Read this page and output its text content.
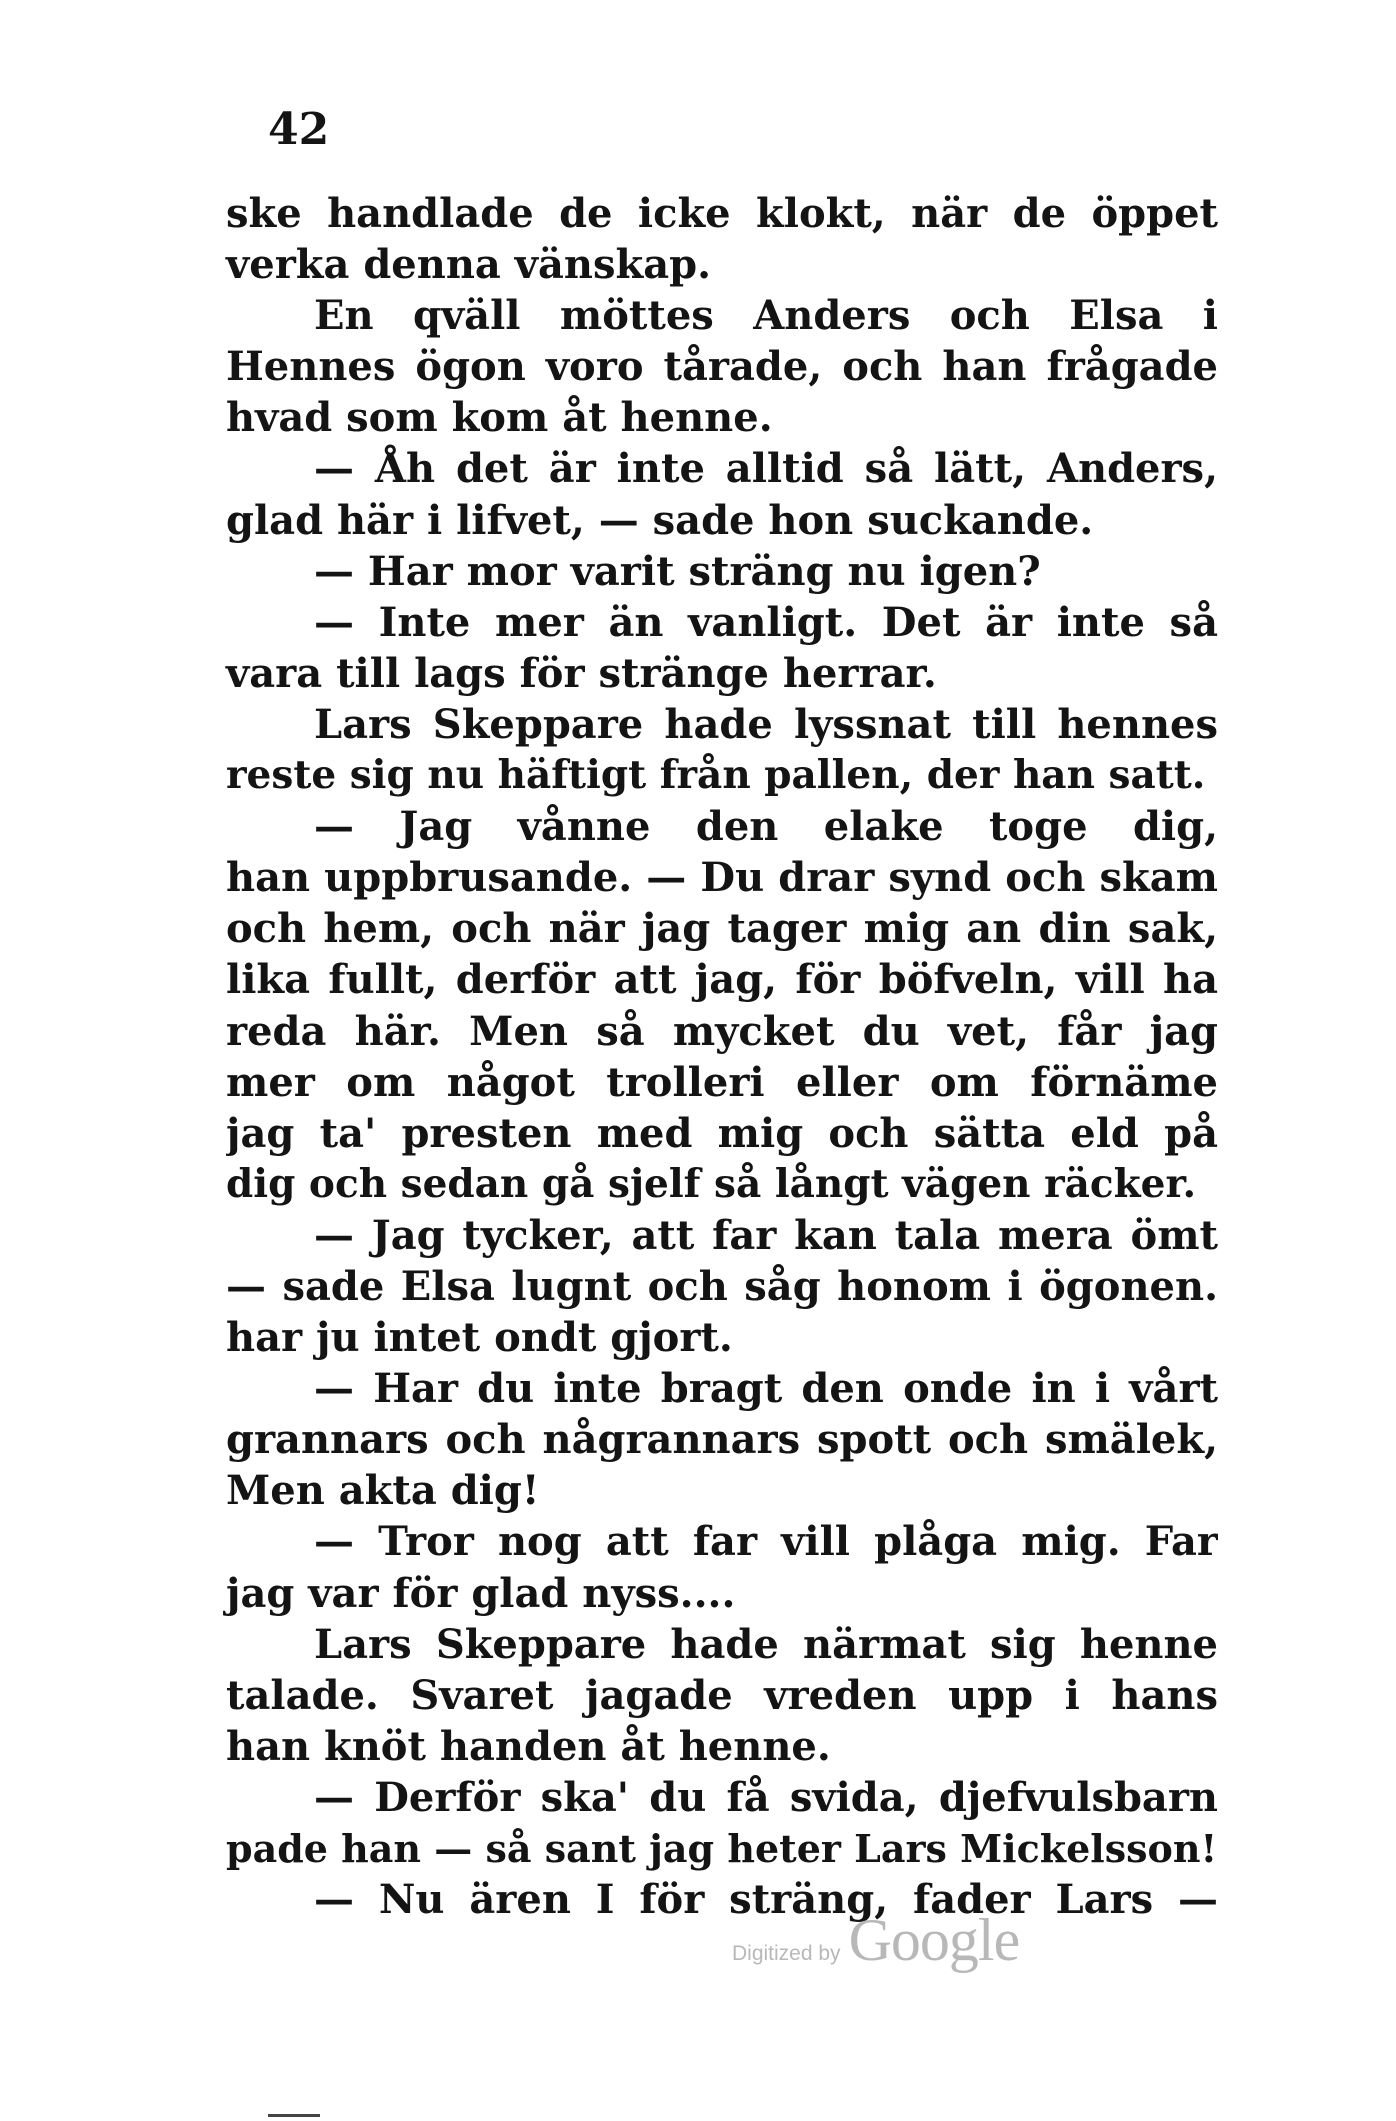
42
ske handlade de icke klokt, när de öppet
verka denna vänskap.
En qväll möttes Anders och Elsa i
Hennes ögon voro tårade, och han frågade
hvad som kom åt henne.
— Åh det är inte alltid så lätt, Anders,
glad här i lifvet, — sade hon suckande.
— Har mor varit sträng nu igen?
— Inte mer än vanligt. Det är inte så
vara till lags för stränge herrar.
Lars Skeppare hade lyssnat till hennes
reste sig nu häftigt från pallen, der han satt.
— Jag vånne den elake toge dig,
han uppbrusande. — Du drar synd och skam
och hem, och när jag tager mig an din sak,
lika fullt, derför att jag, för böfveln, vill ha
reda här. Men så mycket du vet, får jag
mer om något trolleri eller om förnäme
jag ta' presten med mig och sätta eld på
dig och sedan gå sjelf så långt vägen räcker.
— Jag tycker, att far kan tala mera ömt
— sade Elsa lugnt och såg honom i ögonen.
har ju intet ondt gjort.
— Har du inte bragt den onde in i vårt
grannars och någrannars spott och smälek,
Men akta dig!
— Tror nog att far vill plåga mig. Far
jag var för glad nyss....
Lars Skeppare hade närmat sig henne
talade. Svaret jagade vreden upp i hans
han knöt handen åt henne.
— Derför ska' du få svida, djefvulsbarn
pade han — så sant jag heter Lars Mickelsson!
— Nu ären I för sträng, fader Lars —
Digitized by Google
